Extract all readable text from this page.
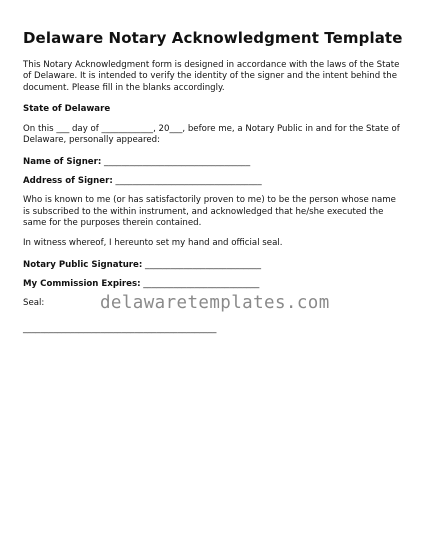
Delaware Notary Acknowledgment Template

This Notary Acknowledgment form is designed in accordance with the laws of the State of Delaware. It is intended to verify the identity of the signer and the intent behind the document. Please fill in the blanks accordingly.

State of Delaware

On this ___ day of ____________, 20___, before me, a Notary Public in and for the State of Delaware, personally appeared:

Name of Signer: __________________________________

Address of Signer: __________________________________

Who is known to me (or has satisfactorily proven to me) to be the person whose name is subscribed to the within instrument, and acknowledged that he/she executed the same for the purposes therein contained.

In witness whereof, I hereunto set my hand and official seal.

Notary Public Signature: ___________________________

My Commission Expires: ___________________________

Seal:	delawaretemplates.com

_____________________________________________
